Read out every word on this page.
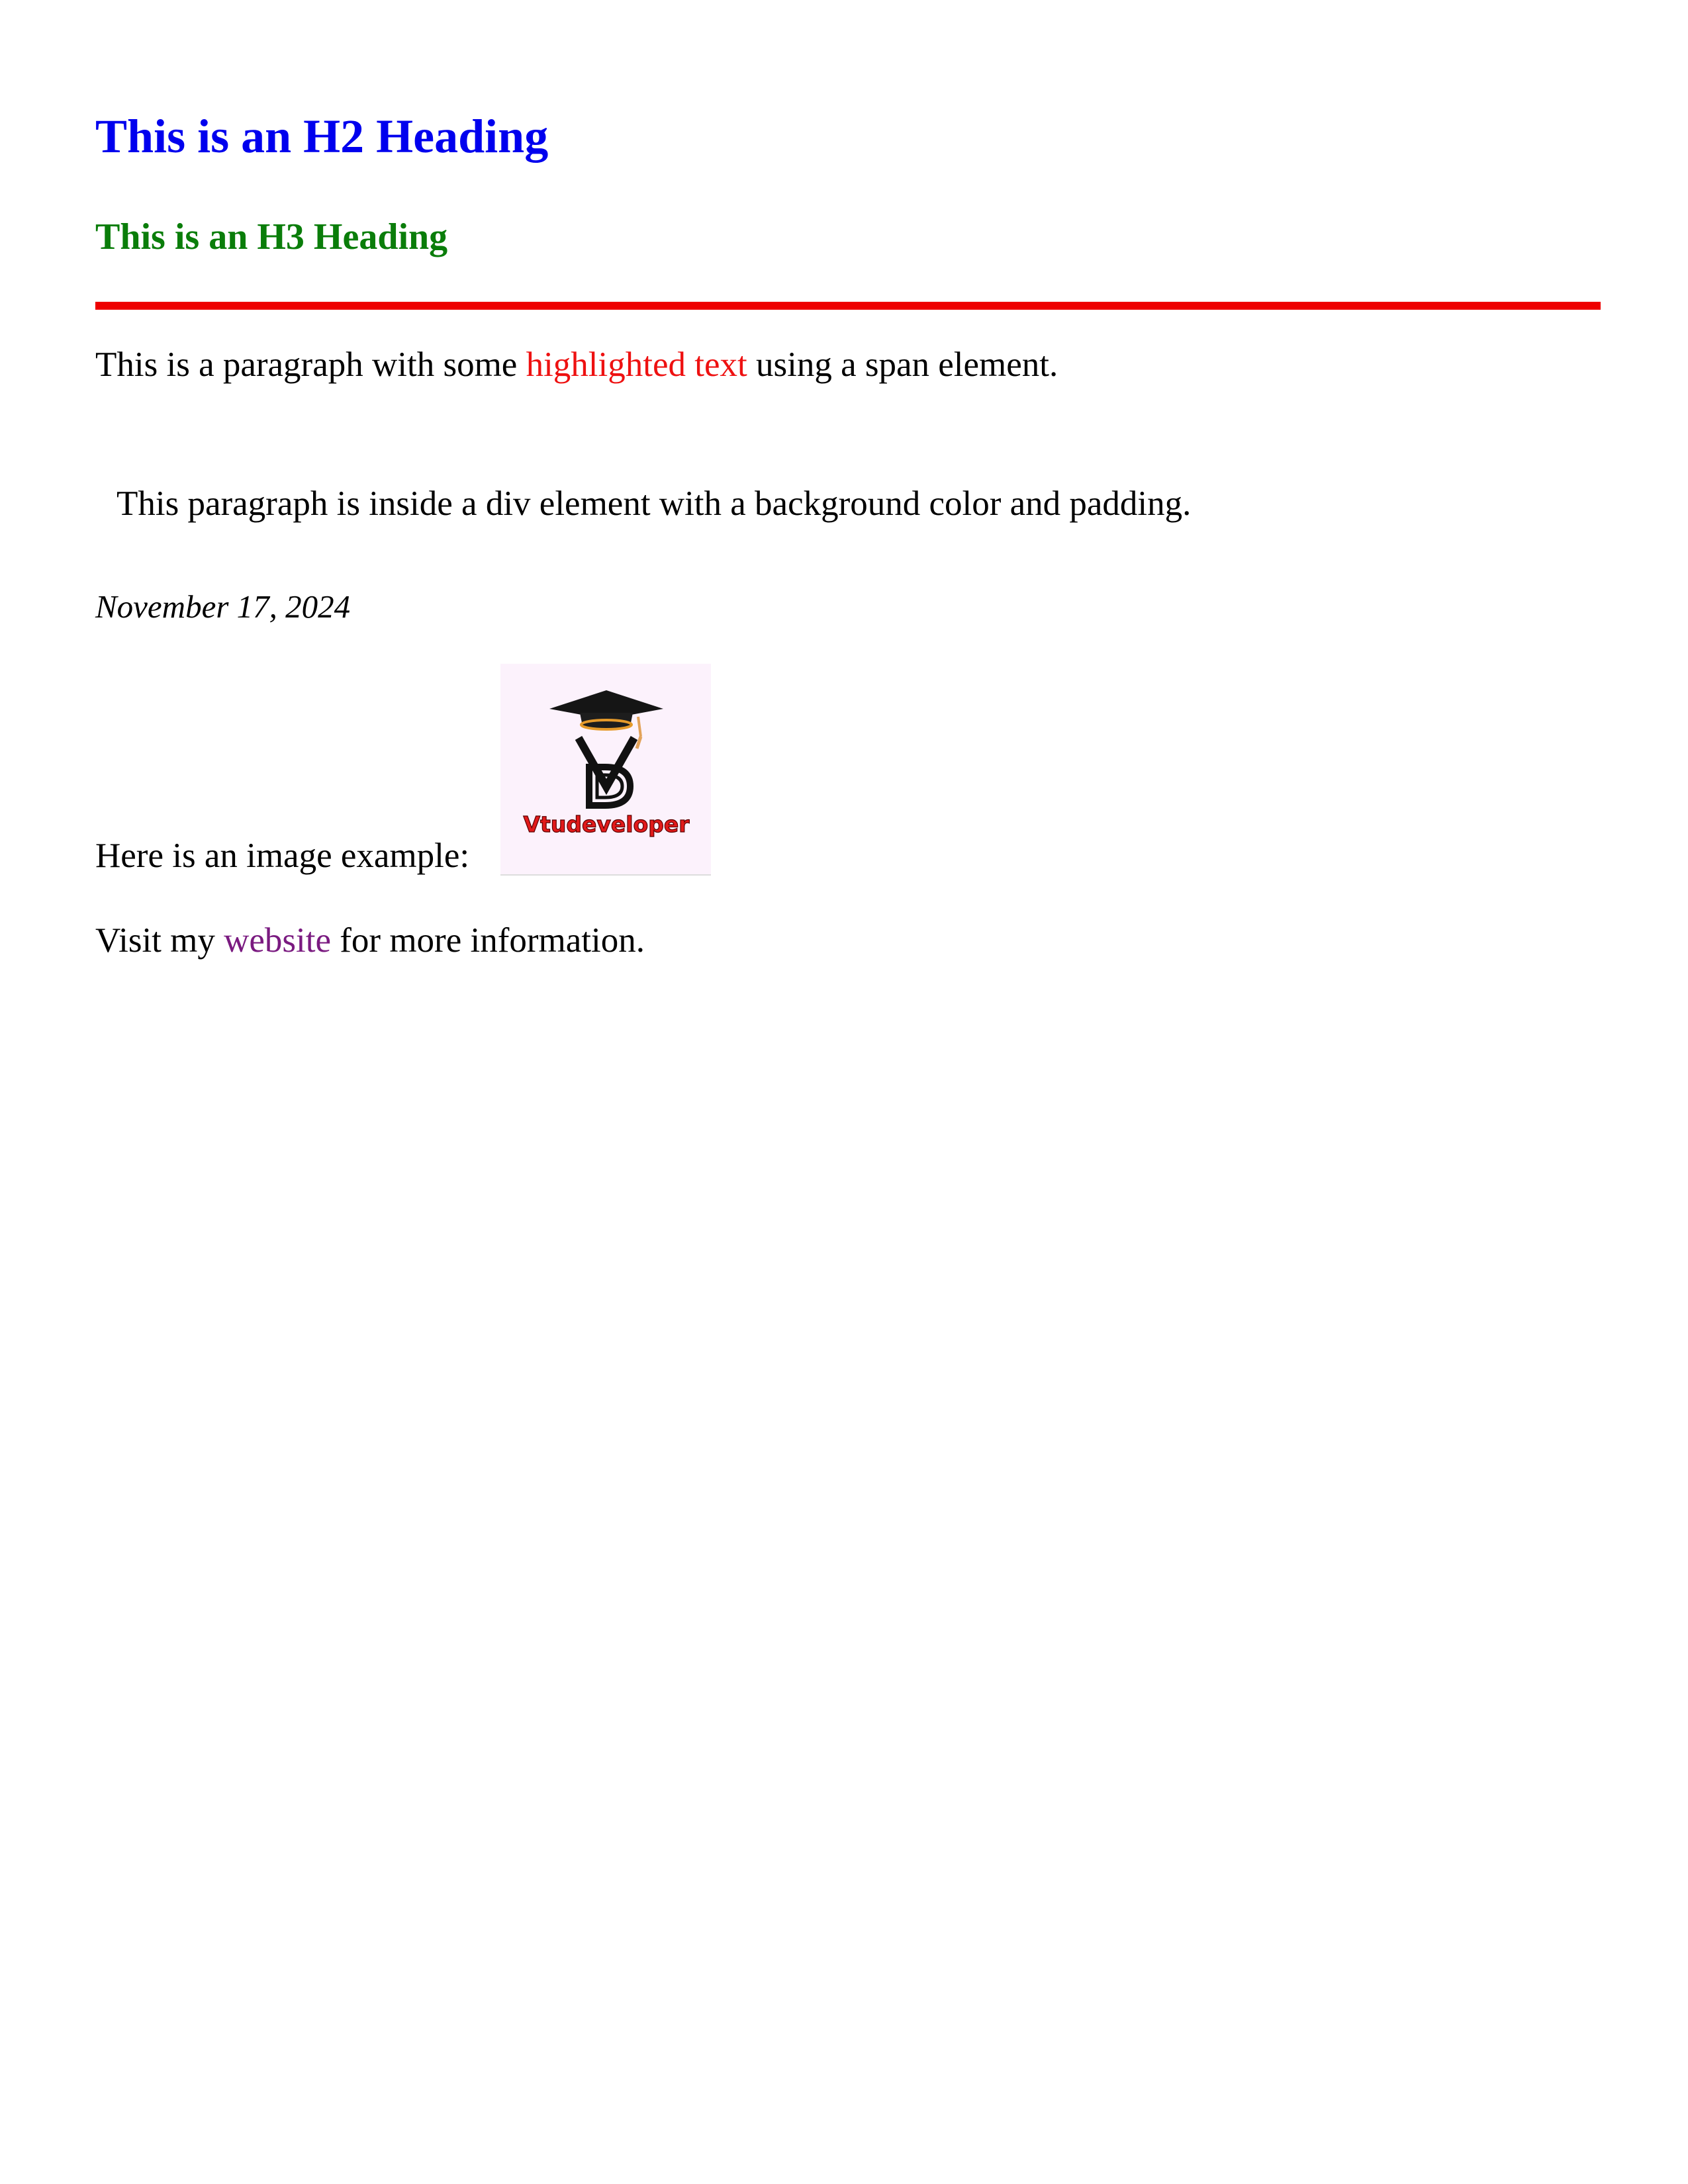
This is an H2 Heading
This is an H3 Heading

This is a paragraph with some highlighted text using a span element.

This paragraph is inside a div element with a background color and padding.

November 17, 2024

Here is an image example:

Vtudeveloper

Visit my website for more information.
